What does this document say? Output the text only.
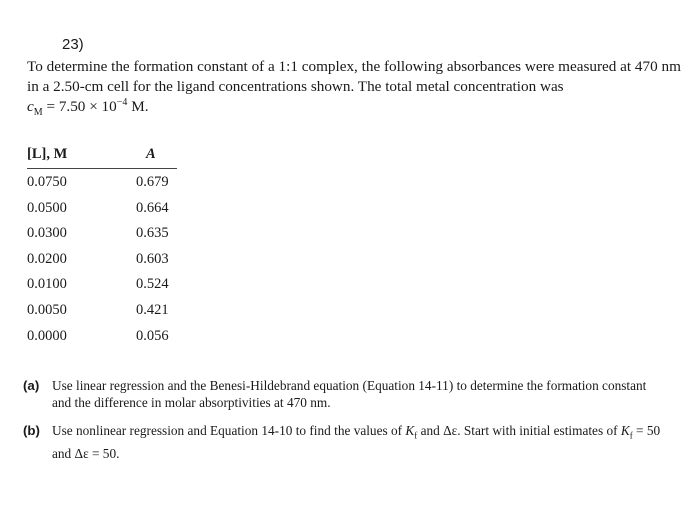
23)
To determine the formation constant of a 1:1 complex, the following absorbances were measured at 470 nm in a 2.50-cm cell for the ligand concentrations shown. The total metal concentration was
$c_M = 7.50 \times 10^{-4}$ M.
[L], M	A
0.0750
0.0500
0.0300
0.0200
0.0100
0.0050
0.0000
0.679
0.664
0.635
0.603
0.524
0.421
0.056
(a) Use linear regression and the Benesi-Hildebrand equation (Equation 14-11) to determine the formation constant and the difference in molar absorptivities at 470 nm.
(b) Use nonlinear regression and Equation 14-10 to find the values of $K_f$ and Δε. Start with initial estimates of $K_f = 50$ and Δε = 50.
